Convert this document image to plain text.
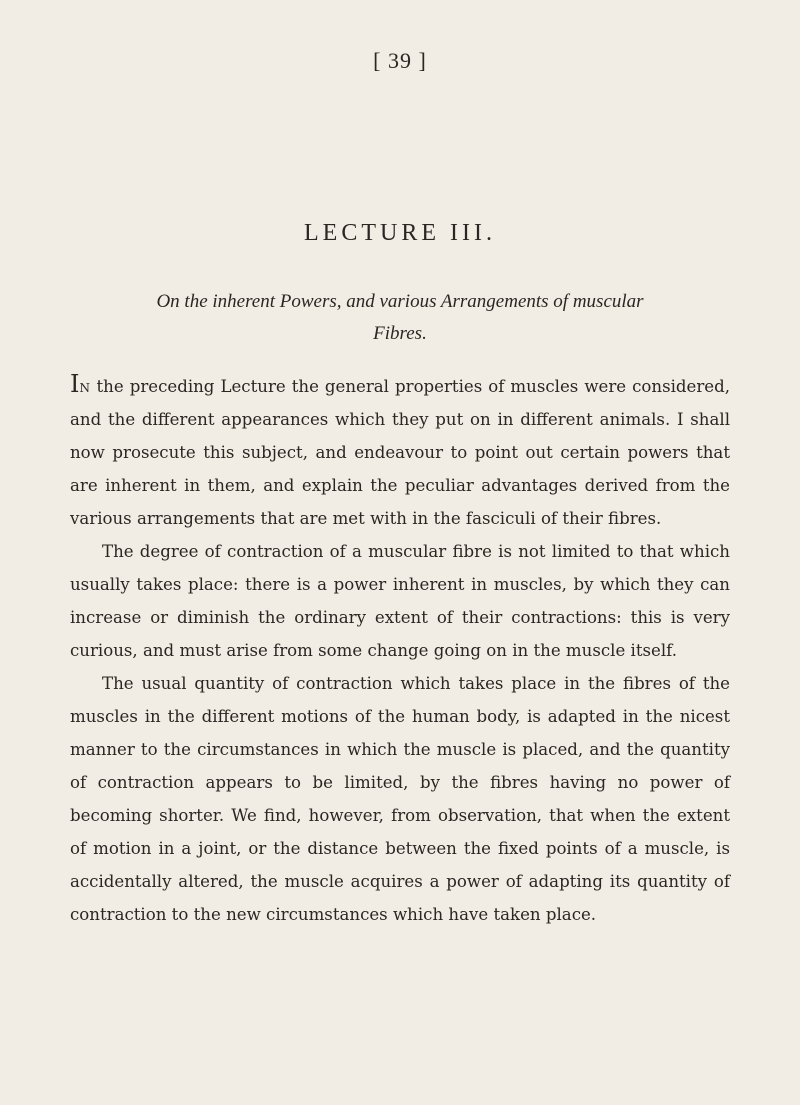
[ 39 ]
LECTURE III.
On the inherent Powers, and various Arrangements of muscular
Fibres.

In the preceding Lecture the general properties of muscles were considered, and the different appearances which they put on in different animals. I shall now prosecute this subject, and endeavour to point out certain powers that are inherent in them, and explain the peculiar advantages derived from the various arrangements that are met with in the fasciculi of their fibres.

The degree of contraction of a muscular fibre is not limited to that which usually takes place: there is a power inherent in muscles, by which they can increase or diminish the ordinary extent of their contractions: this is very curious, and must arise from some change going on in the muscle itself.

The usual quantity of contraction which takes place in the fibres of the muscles in the different motions of the human body, is adapted in the nicest manner to the circumstances in which the muscle is placed, and the quantity of contraction appears to be limited, by the fibres having no power of becoming shorter. We find, however, from observation, that when the extent of motion in a joint, or the distance between the fixed points of a muscle, is accidentally altered, the muscle acquires a power of adapting its quantity of contraction to the new circumstances which have taken place.
